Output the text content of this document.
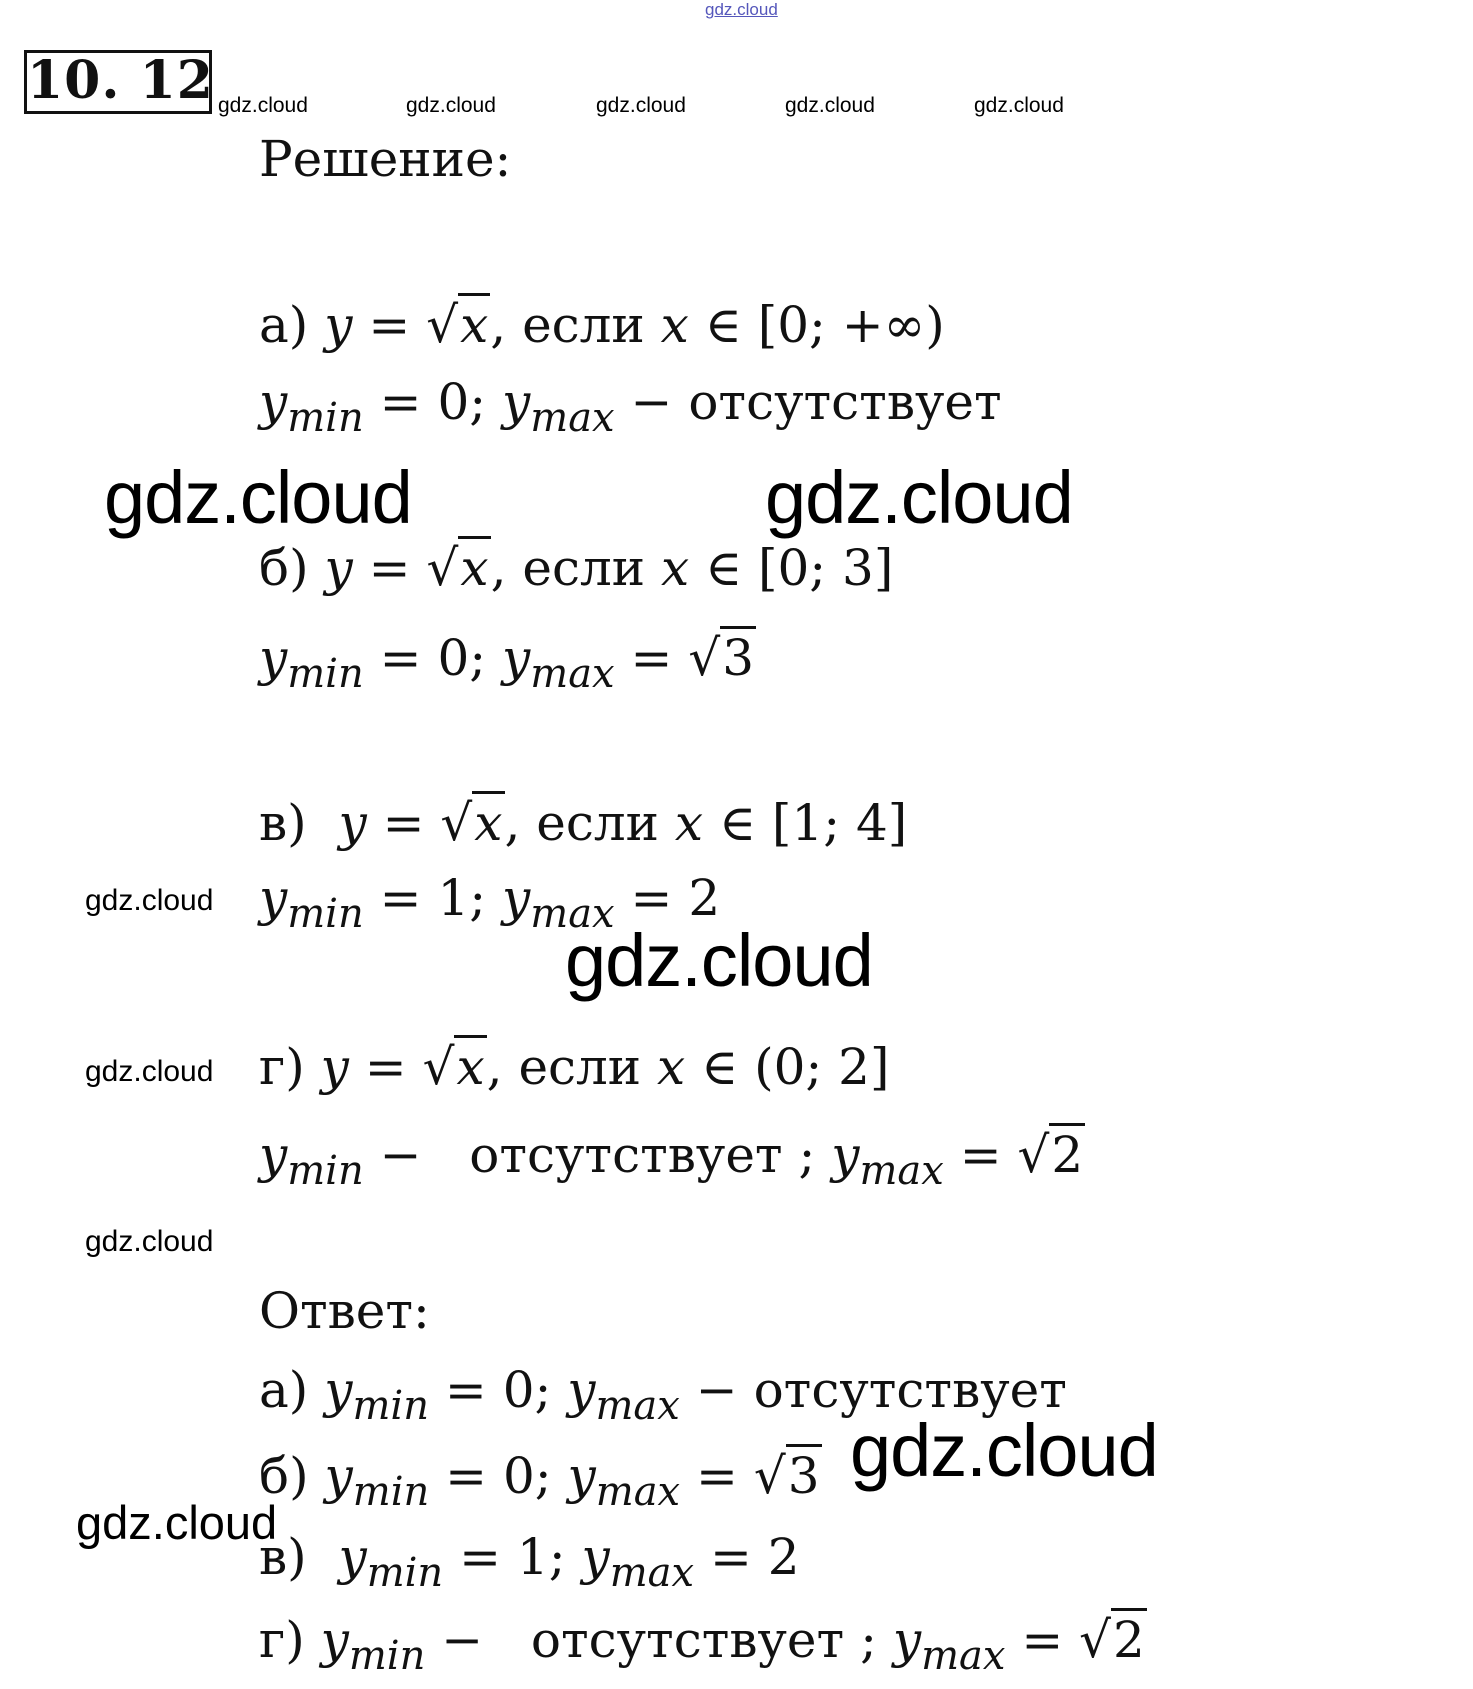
gdz.cloud
10. 12 gdz.cloud	gdz.cloud	gdz.cloud	gdz.cloud	gdz.cloud
Решение:
а) y = √x, если x ∈ [0; +∞)
$y_{min} = 0$; $y_{max}$ − отсутствует
gdz.cloud	gdz.cloud
б) y = √x, если x ∈ [0; 3]
$y_{min} = 0$; $y_{max} = √3$
в) y = √x, если x ∈ [1; 4]
gdz.cloud $y_{min} = 1$; $y_{max} = 2$
gdz.cloud
gdz.cloud г) y = √x, если x ∈ (0; 2]
$y_{min}$ − отсутствует ; $y_{max} = √2$
gdz.cloud
Ответ:
а) $y_{min} = 0$; $y_{max}$ − отсутствует
gdz.cloud
б) $y_{min} = 0$; $y_{max} = √3$
gdz.cloud
в) $y_{min} = 1$; $y_{max} = 2$
г) $y_{min}$ − отсутствует ; $y_{max} = √2$
